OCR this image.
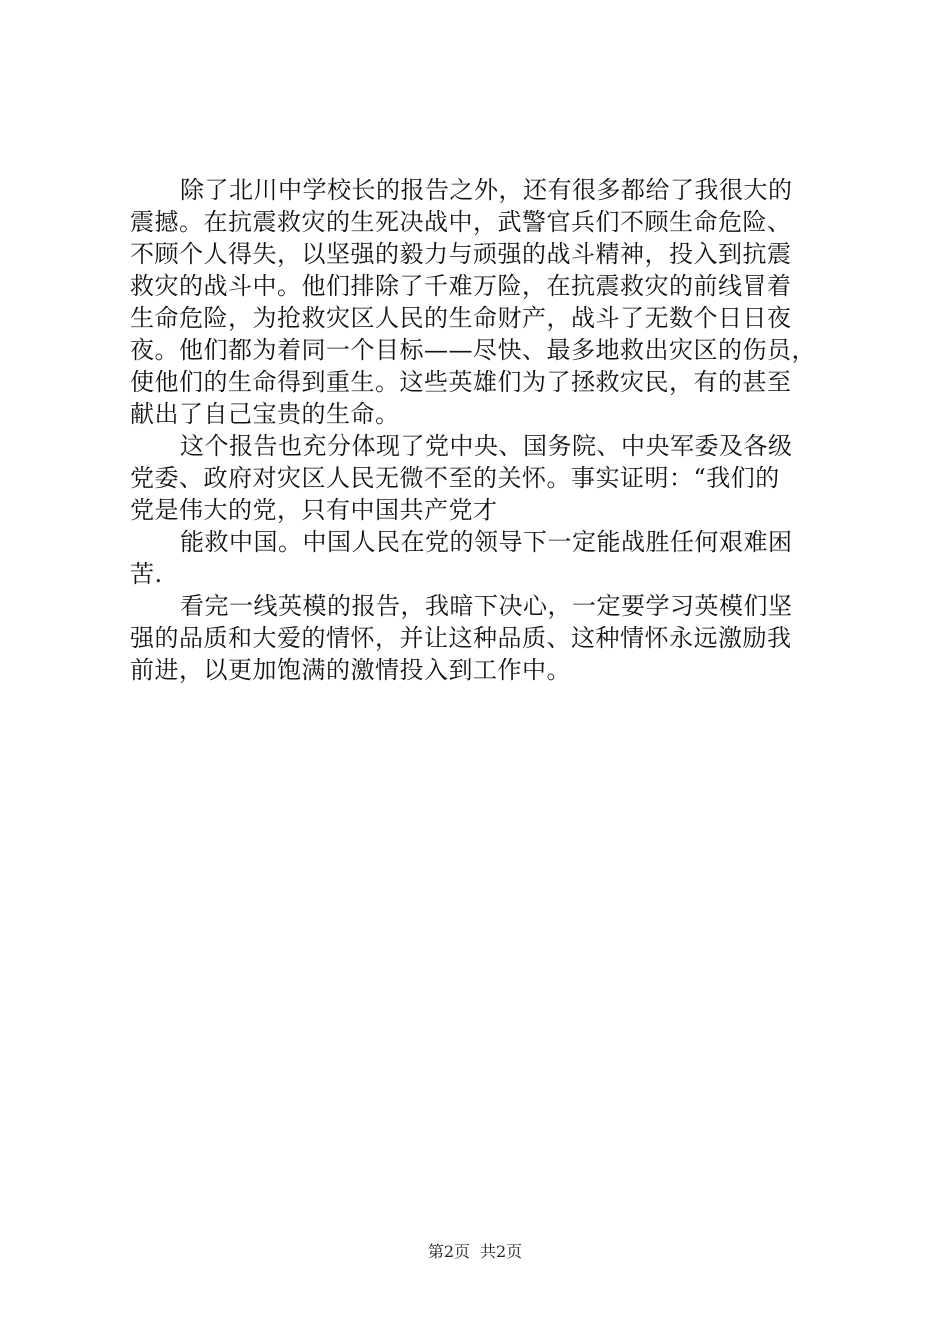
除了北川中学校长的报告之外，还有很多都给了我很大的
震撼。在抗震救灾的生死决战中，武警官兵们不顾生命危险、
不顾个人得失，以坚强的毅力与顽强的战斗精神，投入到抗震
救灾的战斗中。他们排除了千难万险，在抗震救灾的前线冒着
生命危险，为抢救灾区人民的生命财产，战斗了无数个日日夜
夜。他们都为着同一个目标——尽快、最多地救出灾区的伤员，
使他们的生命得到重生。这些英雄们为了拯救灾民，有的甚至
献出了自己宝贵的生命。
这个报告也充分体现了党中央、国务院、中央军委及各级
党委、政府对灾区人民无微不至的关怀。事实证明：“我们的
党是伟大的党，只有中国共产党才
能救中国。中国人民在党的领导下一定能战胜任何艰难困
苦.
看完一线英模的报告，我暗下决心，一定要学习英模们坚
强的品质和大爱的情怀，并让这种品质、这种情怀永远激励我
前进，以更加饱满的激情投入到工作中。
第2页 共2页
